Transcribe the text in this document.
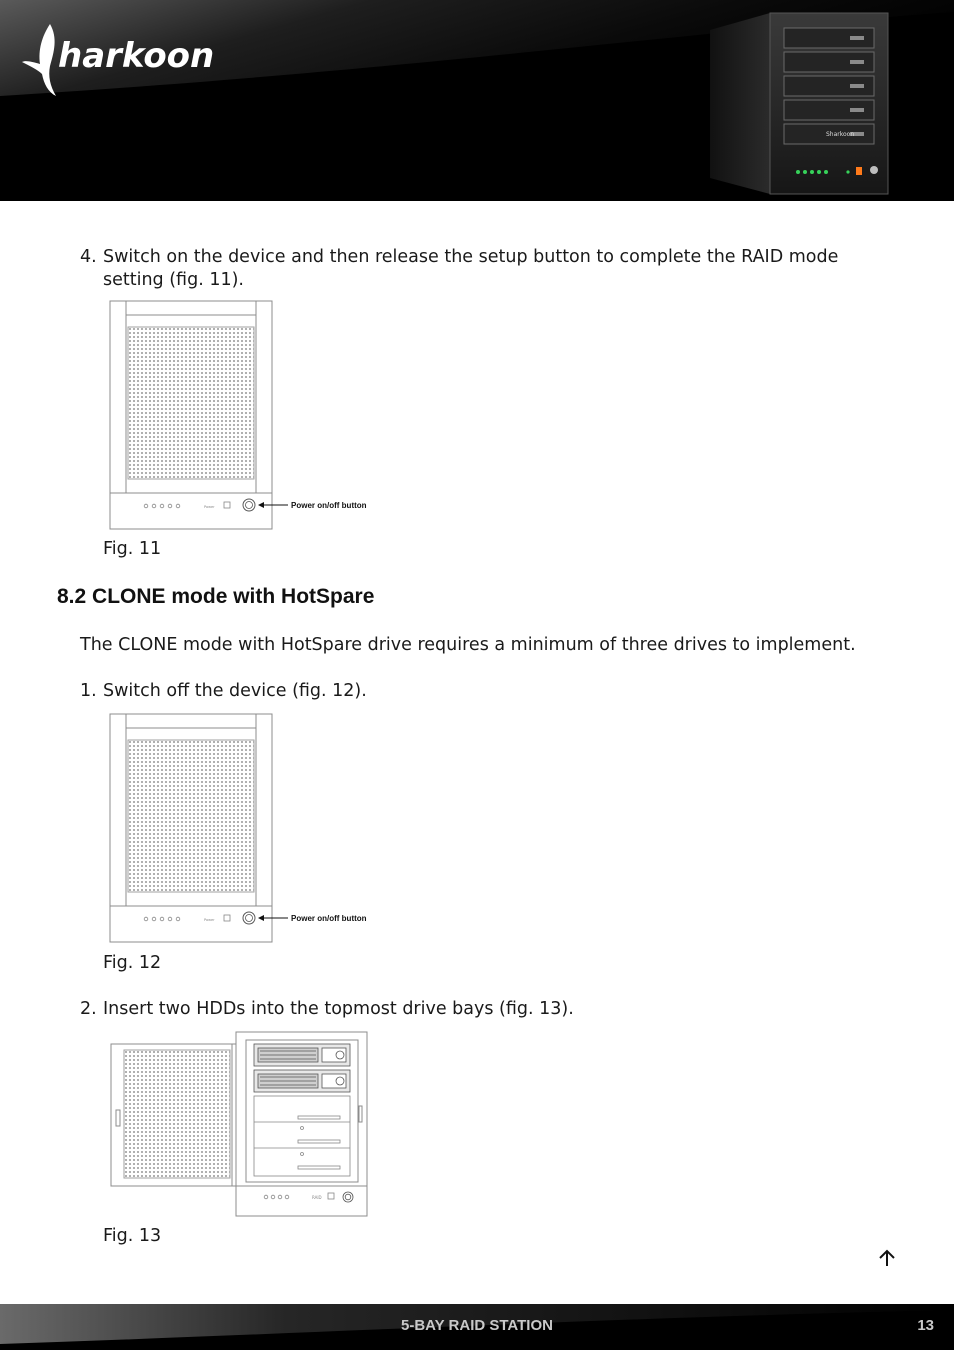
harkoon
Sharkoon
4. Switch on the device and then release the setup button to complete the RAID mode
setting (fig. 11).
Power	Power on/off button
Fig. 11
8.2 CLONE mode with HotSpare
The CLONE mode with HotSpare drive requires a minimum of three drives to implement.
1. Switch off the device (fig. 12).
Power	Power on/off button
Fig. 12
2. Insert two HDDs into the topmost drive bays (fig. 13).
RAID
Fig. 13
5-BAY RAID STATION	13
